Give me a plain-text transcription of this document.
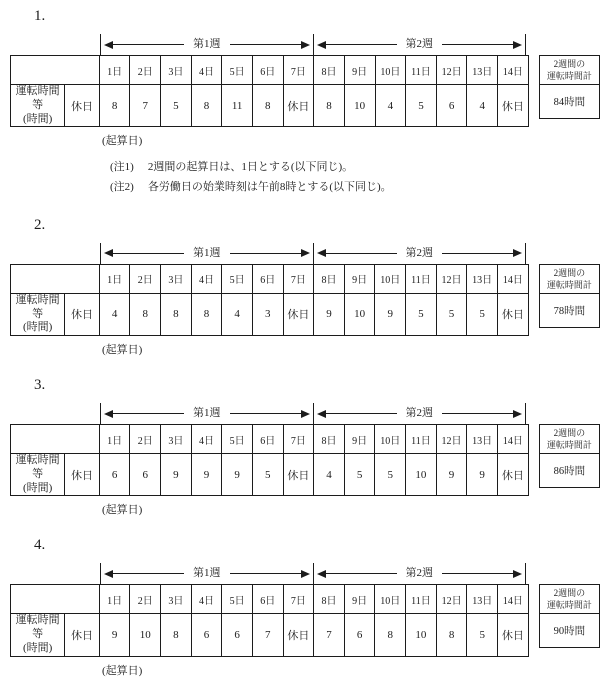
1.
第1週	第2週
		1日	2日	3日	4日	5日	6日	7日	8日	9日	10日	11日	12日	13日	14日
運転時間等
(時間)	休日	8	7	5	8	11	8	休日	8	10	4	5	6	4	休日
2週間の
運転時間計
84時間
(起算日)
(注1) 2週間の起算日は、1日とする(以下同じ)。
(注2) 各労働日の始業時刻は午前8時とする(以下同じ)。
2.
第1週	第2週
		1日	2日	3日	4日	5日	6日	7日	8日	9日	10日	11日	12日	13日	14日
運転時間等
(時間)	休日	4	8	8	8	4	3	休日	9	10	9	5	5	5	休日
2週間の
運転時間計
78時間
(起算日)
3.
第1週	第2週
		1日	2日	3日	4日	5日	6日	7日	8日	9日	10日	11日	12日	13日	14日
運転時間等
(時間)	休日	6	6	9	9	9	5	休日	4	5	5	10	9	9	休日
2週間の
運転時間計
86時間
(起算日)
4.
第1週	第2週
		1日	2日	3日	4日	5日	6日	7日	8日	9日	10日	11日	12日	13日	14日
運転時間等
(時間)	休日	9	10	8	6	6	7	休日	7	6	8	10	8	5	休日
2週間の
運転時間計
90時間
(起算日)
